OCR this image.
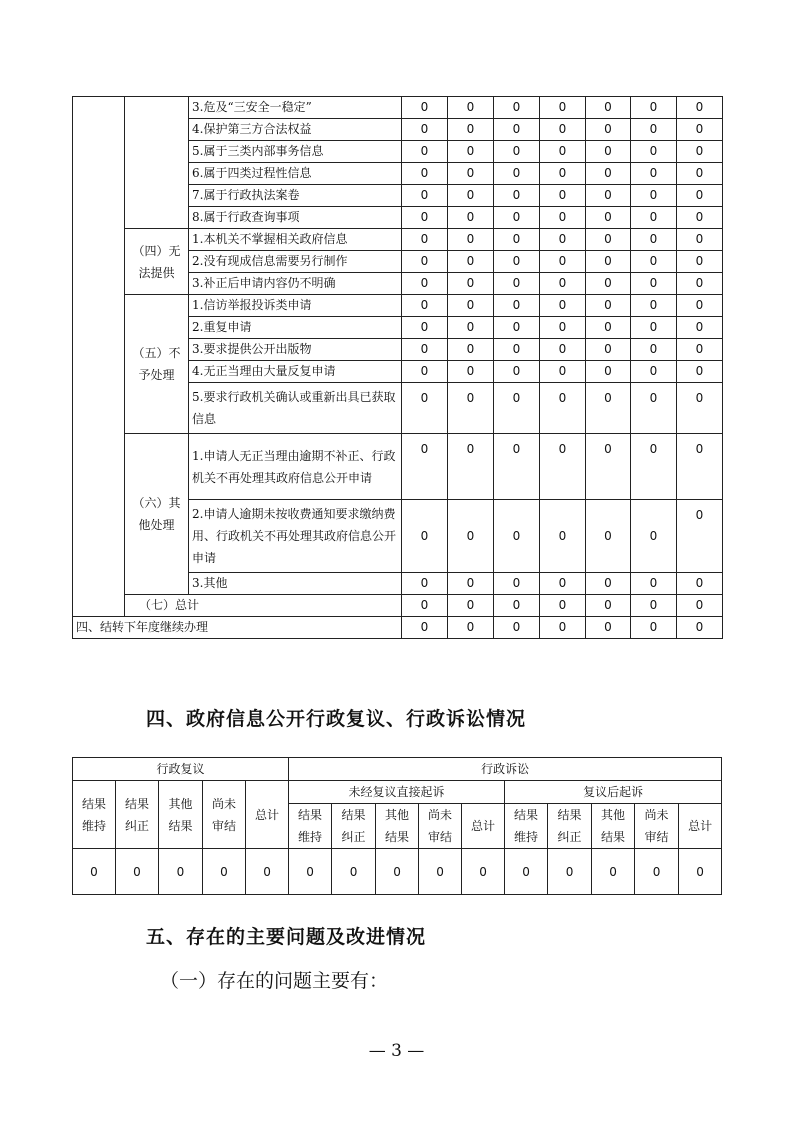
		3.危及“三安全一稳定”	0	0	0	0	0	0	0
		4.保护第三方合法权益	0	0	0	0	0	0	0
		5.属于三类内部事务信息	0	0	0	0	0	0	0
		6.属于四类过程性信息	0	0	0	0	0	0	0
		7.属于行政执法案卷	0	0	0	0	0	0	0
		8.属于行政查询事项	0	0	0	0	0	0	0
	（四）无法提供	1.本机关不掌握相关政府信息	0	0	0	0	0	0	0
		2.没有现成信息需要另行制作	0	0	0	0	0	0	0
		3.补正后申请内容仍不明确	0	0	0	0	0	0	0
	（五）不予处理	1.信访举报投诉类申请	0	0	0	0	0	0	0
		2.重复申请	0	0	0	0	0	0	0
		3.要求提供公开出版物	0	0	0	0	0	0	0
		4.无正当理由大量反复申请	0	0	0	0	0	0	0
		5.要求行政机关确认或重新出具已获取信息	0	0	0	0	0	0	0
	（六）其他处理	1.申请人无正当理由逾期不补正、行政机关不再处理其政府信息公开申请	0	0	0	0	0	0	0
		2.申请人逾期未按收费通知要求缴纳费用、行政机关不再处理其政府信息公开申请	0	0	0	0	0	0	0
		3.其他	0	0	0	0	0	0	0
	（七）总计		0	0	0	0	0	0	0
四、结转下年度继续办理			0	0	0	0	0	0	0
四、政府信息公开行政复议、行政诉讼情况
行政复议					行政诉讼									
结果维持	结果纠正	其他结果	尚未审结	总计	未经复议直接起诉					复议后起诉				
					结果维持	结果纠正	其他结果	尚未审结	总计	结果维持	结果纠正	其他结果	尚未审结	总计
0	0	0	0	0	0	0	0	0	0	0	0	0	0	0
五、存在的主要问题及改进情况

（一）存在的问题主要有：

— 3 —
